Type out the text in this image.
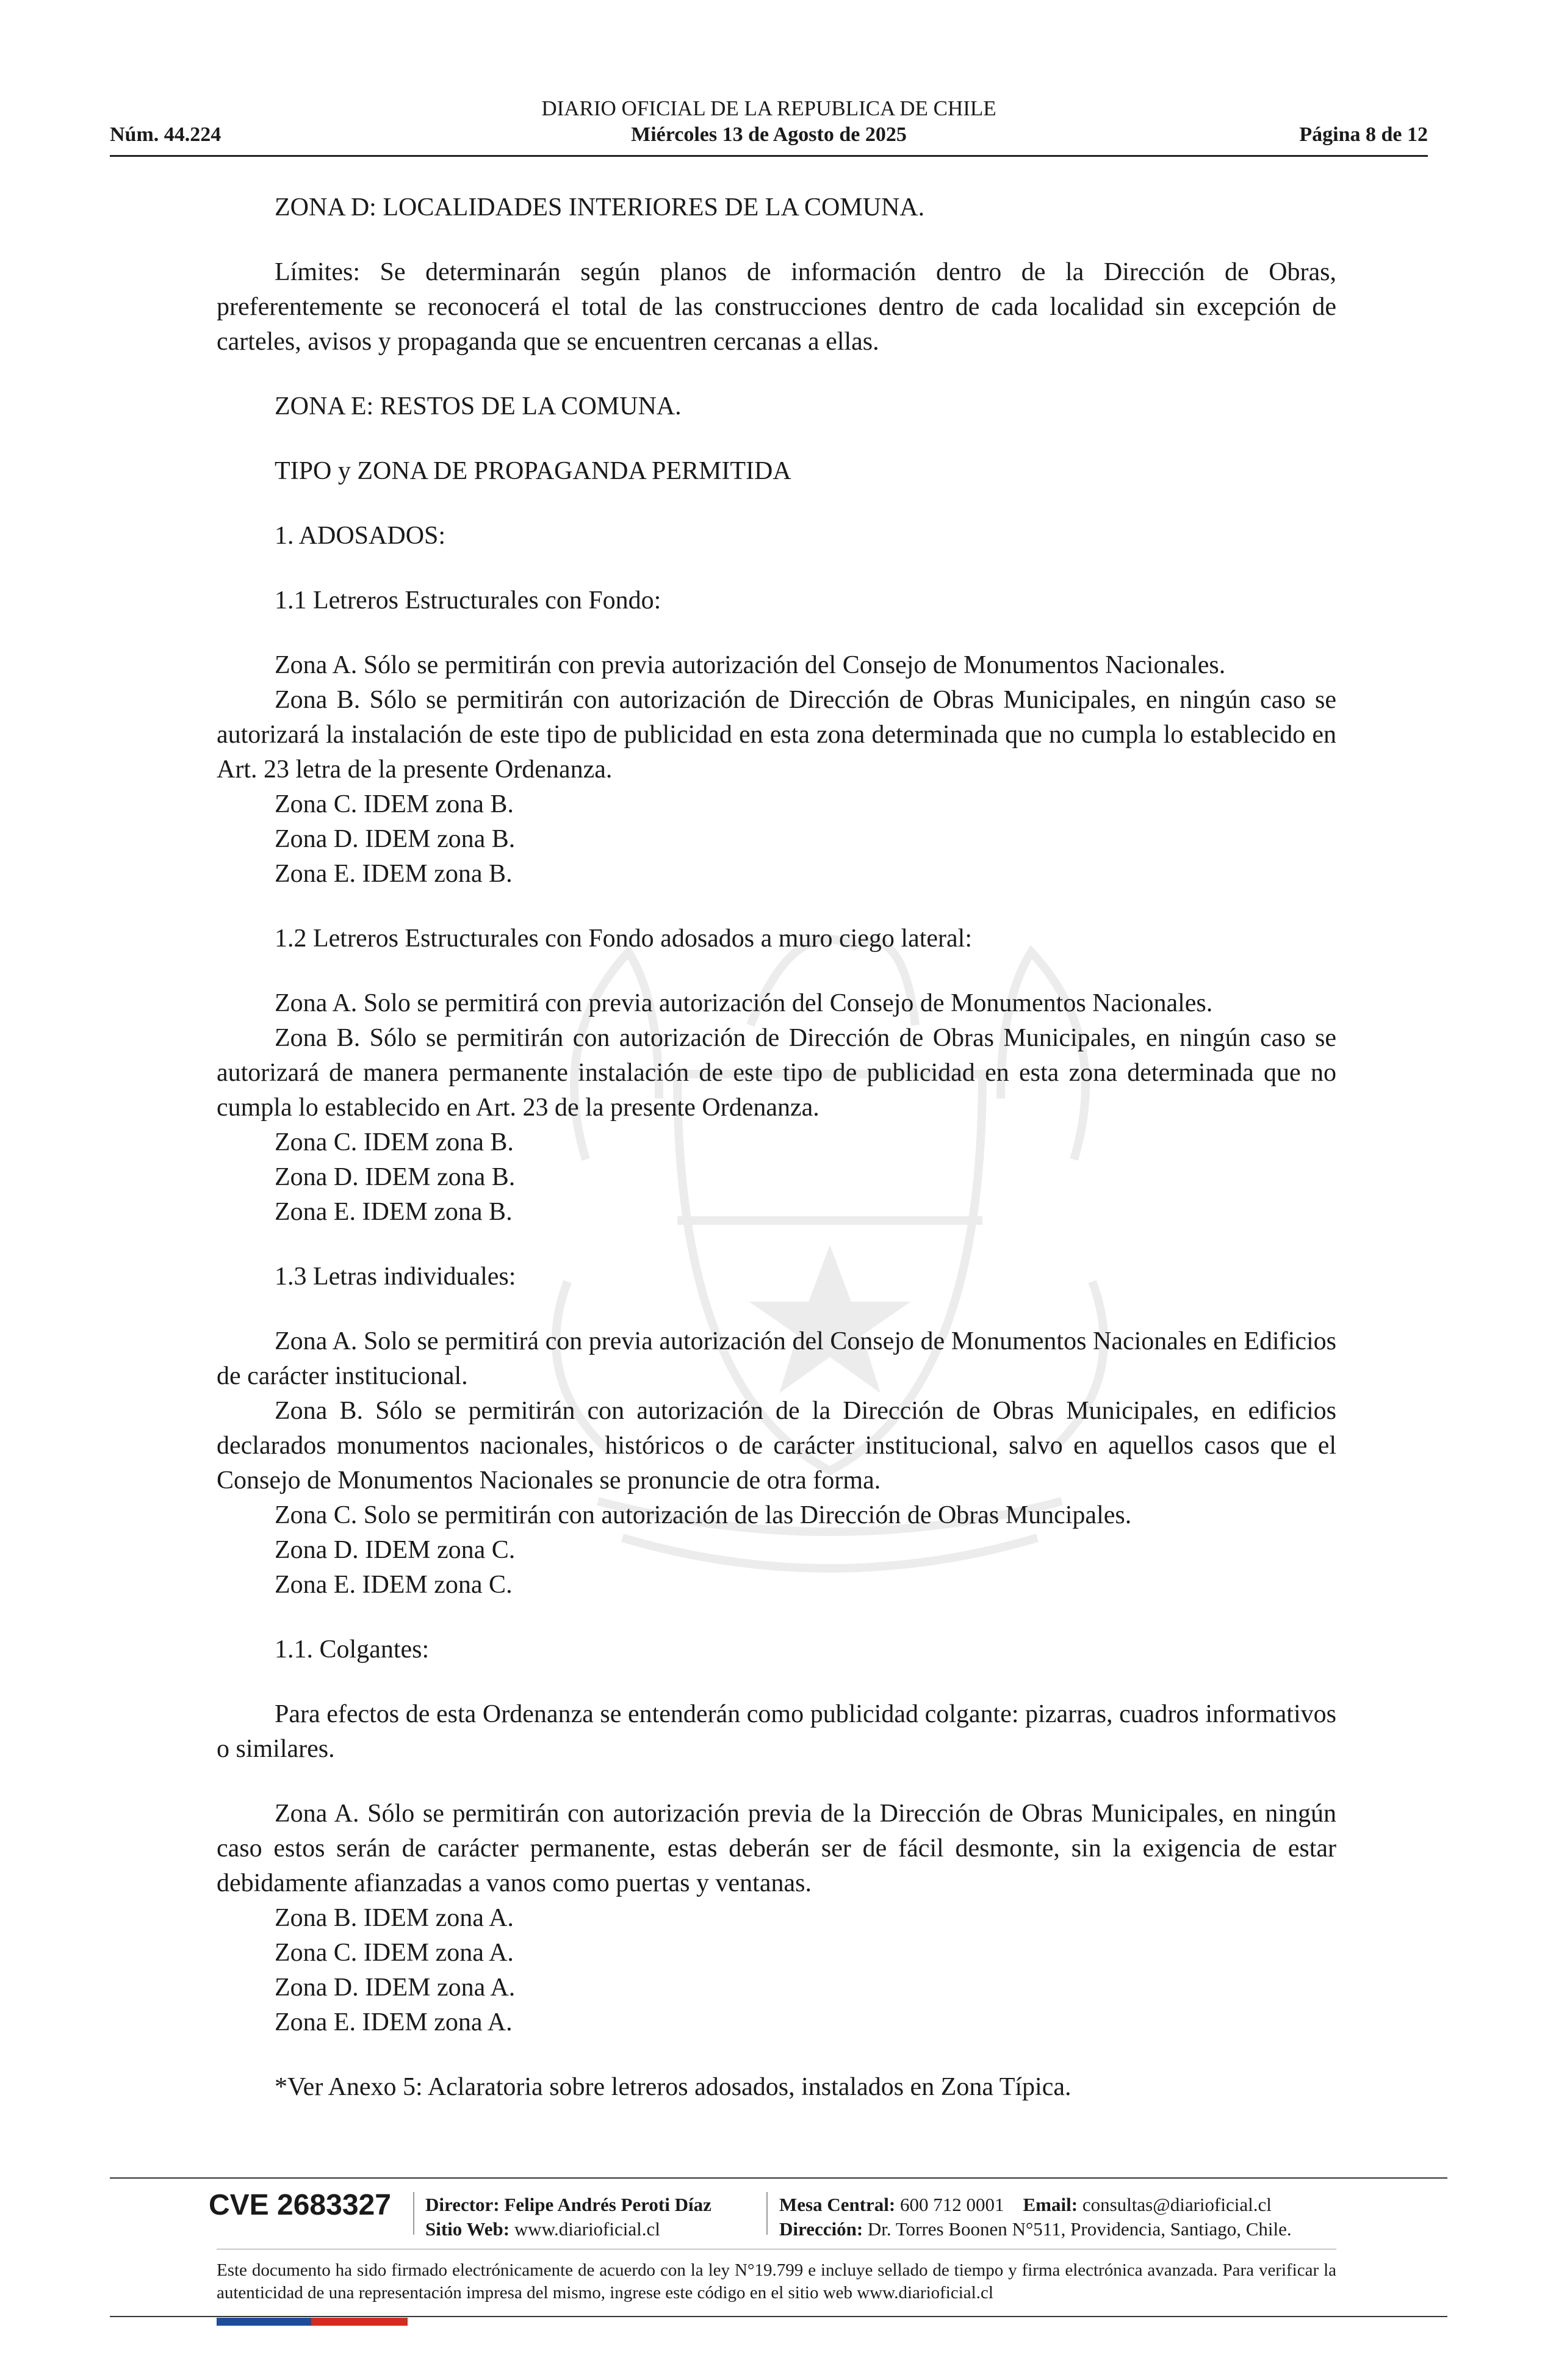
DIARIO OFICIAL DE LA REPUBLICA DE CHILE
Núm. 44.224	Miércoles 13 de Agosto de 2025	Página 8 de 12

ZONA D: LOCALIDADES INTERIORES DE LA COMUNA.

Límites: Se determinarán según planos de información dentro de la Dirección de Obras, preferentemente se reconocerá el total de las construcciones dentro de cada localidad sin excepción de carteles, avisos y propaganda que se encuentren cercanas a ellas.

ZONA E: RESTOS DE LA COMUNA.

TIPO y ZONA DE PROPAGANDA PERMITIDA

1. ADOSADOS:

1.1 Letreros Estructurales con Fondo:

Zona A. Sólo se permitirán con previa autorización del Consejo de Monumentos Nacionales.

Zona B. Sólo se permitirán con autorización de Dirección de Obras Municipales, en ningún caso se autorizará la instalación de este tipo de publicidad en esta zona determinada que no cumpla lo establecido en Art. 23 letra de la presente Ordenanza.

Zona C. IDEM zona B.

Zona D. IDEM zona B.

Zona E. IDEM zona B.

1.2 Letreros Estructurales con Fondo adosados a muro ciego lateral:

Zona A. Solo se permitirá con previa autorización del Consejo de Monumentos Nacionales.

Zona B. Sólo se permitirán con autorización de Dirección de Obras Municipales, en ningún caso se autorizará de manera permanente instalación de este tipo de publicidad en esta zona determinada que no cumpla lo establecido en Art. 23 de la presente Ordenanza.

Zona C. IDEM zona B.

Zona D. IDEM zona B.

Zona E. IDEM zona B.

1.3 Letras individuales:

Zona A. Solo se permitirá con previa autorización del Consejo de Monumentos Nacionales en Edificios de carácter institucional.

Zona B. Sólo se permitirán con autorización de la Dirección de Obras Municipales, en edificios declarados monumentos nacionales, históricos o de carácter institucional, salvo en aquellos casos que el Consejo de Monumentos Nacionales se pronuncie de otra forma.

Zona C. Solo se permitirán con autorización de las Dirección de Obras Muncipales.

Zona D. IDEM zona C.

Zona E. IDEM zona C.

1.1. Colgantes:

Para efectos de esta Ordenanza se entenderán como publicidad colgante: pizarras, cuadros informativos o similares.

Zona A. Sólo se permitirán con autorización previa de la Dirección de Obras Municipales, en ningún caso estos serán de carácter permanente, estas deberán ser de fácil desmonte, sin la exigencia de estar debidamente afianzadas a vanos como puertas y ventanas.

Zona B. IDEM zona A.

Zona C. IDEM zona A.

Zona D. IDEM zona A.

Zona E. IDEM zona A.

*Ver Anexo 5: Aclaratoria sobre letreros adosados, instalados en Zona Típica.

CVE 2683327 Director: Felipe Andrés Peroti Díaz
Sitio Web: www.diarioficial.cl
Mesa Central: 600 712 0001 Email: consultas@diarioficial.cl
Dirección: Dr. Torres Boonen N°511, Providencia, Santiago, Chile.
Este documento ha sido firmado electrónicamente de acuerdo con la ley N°19.799 e incluye sellado de tiempo y firma electrónica avanzada. Para verificar la autenticidad de una representación impresa del mismo, ingrese este código en el sitio web www.diarioficial.cl
